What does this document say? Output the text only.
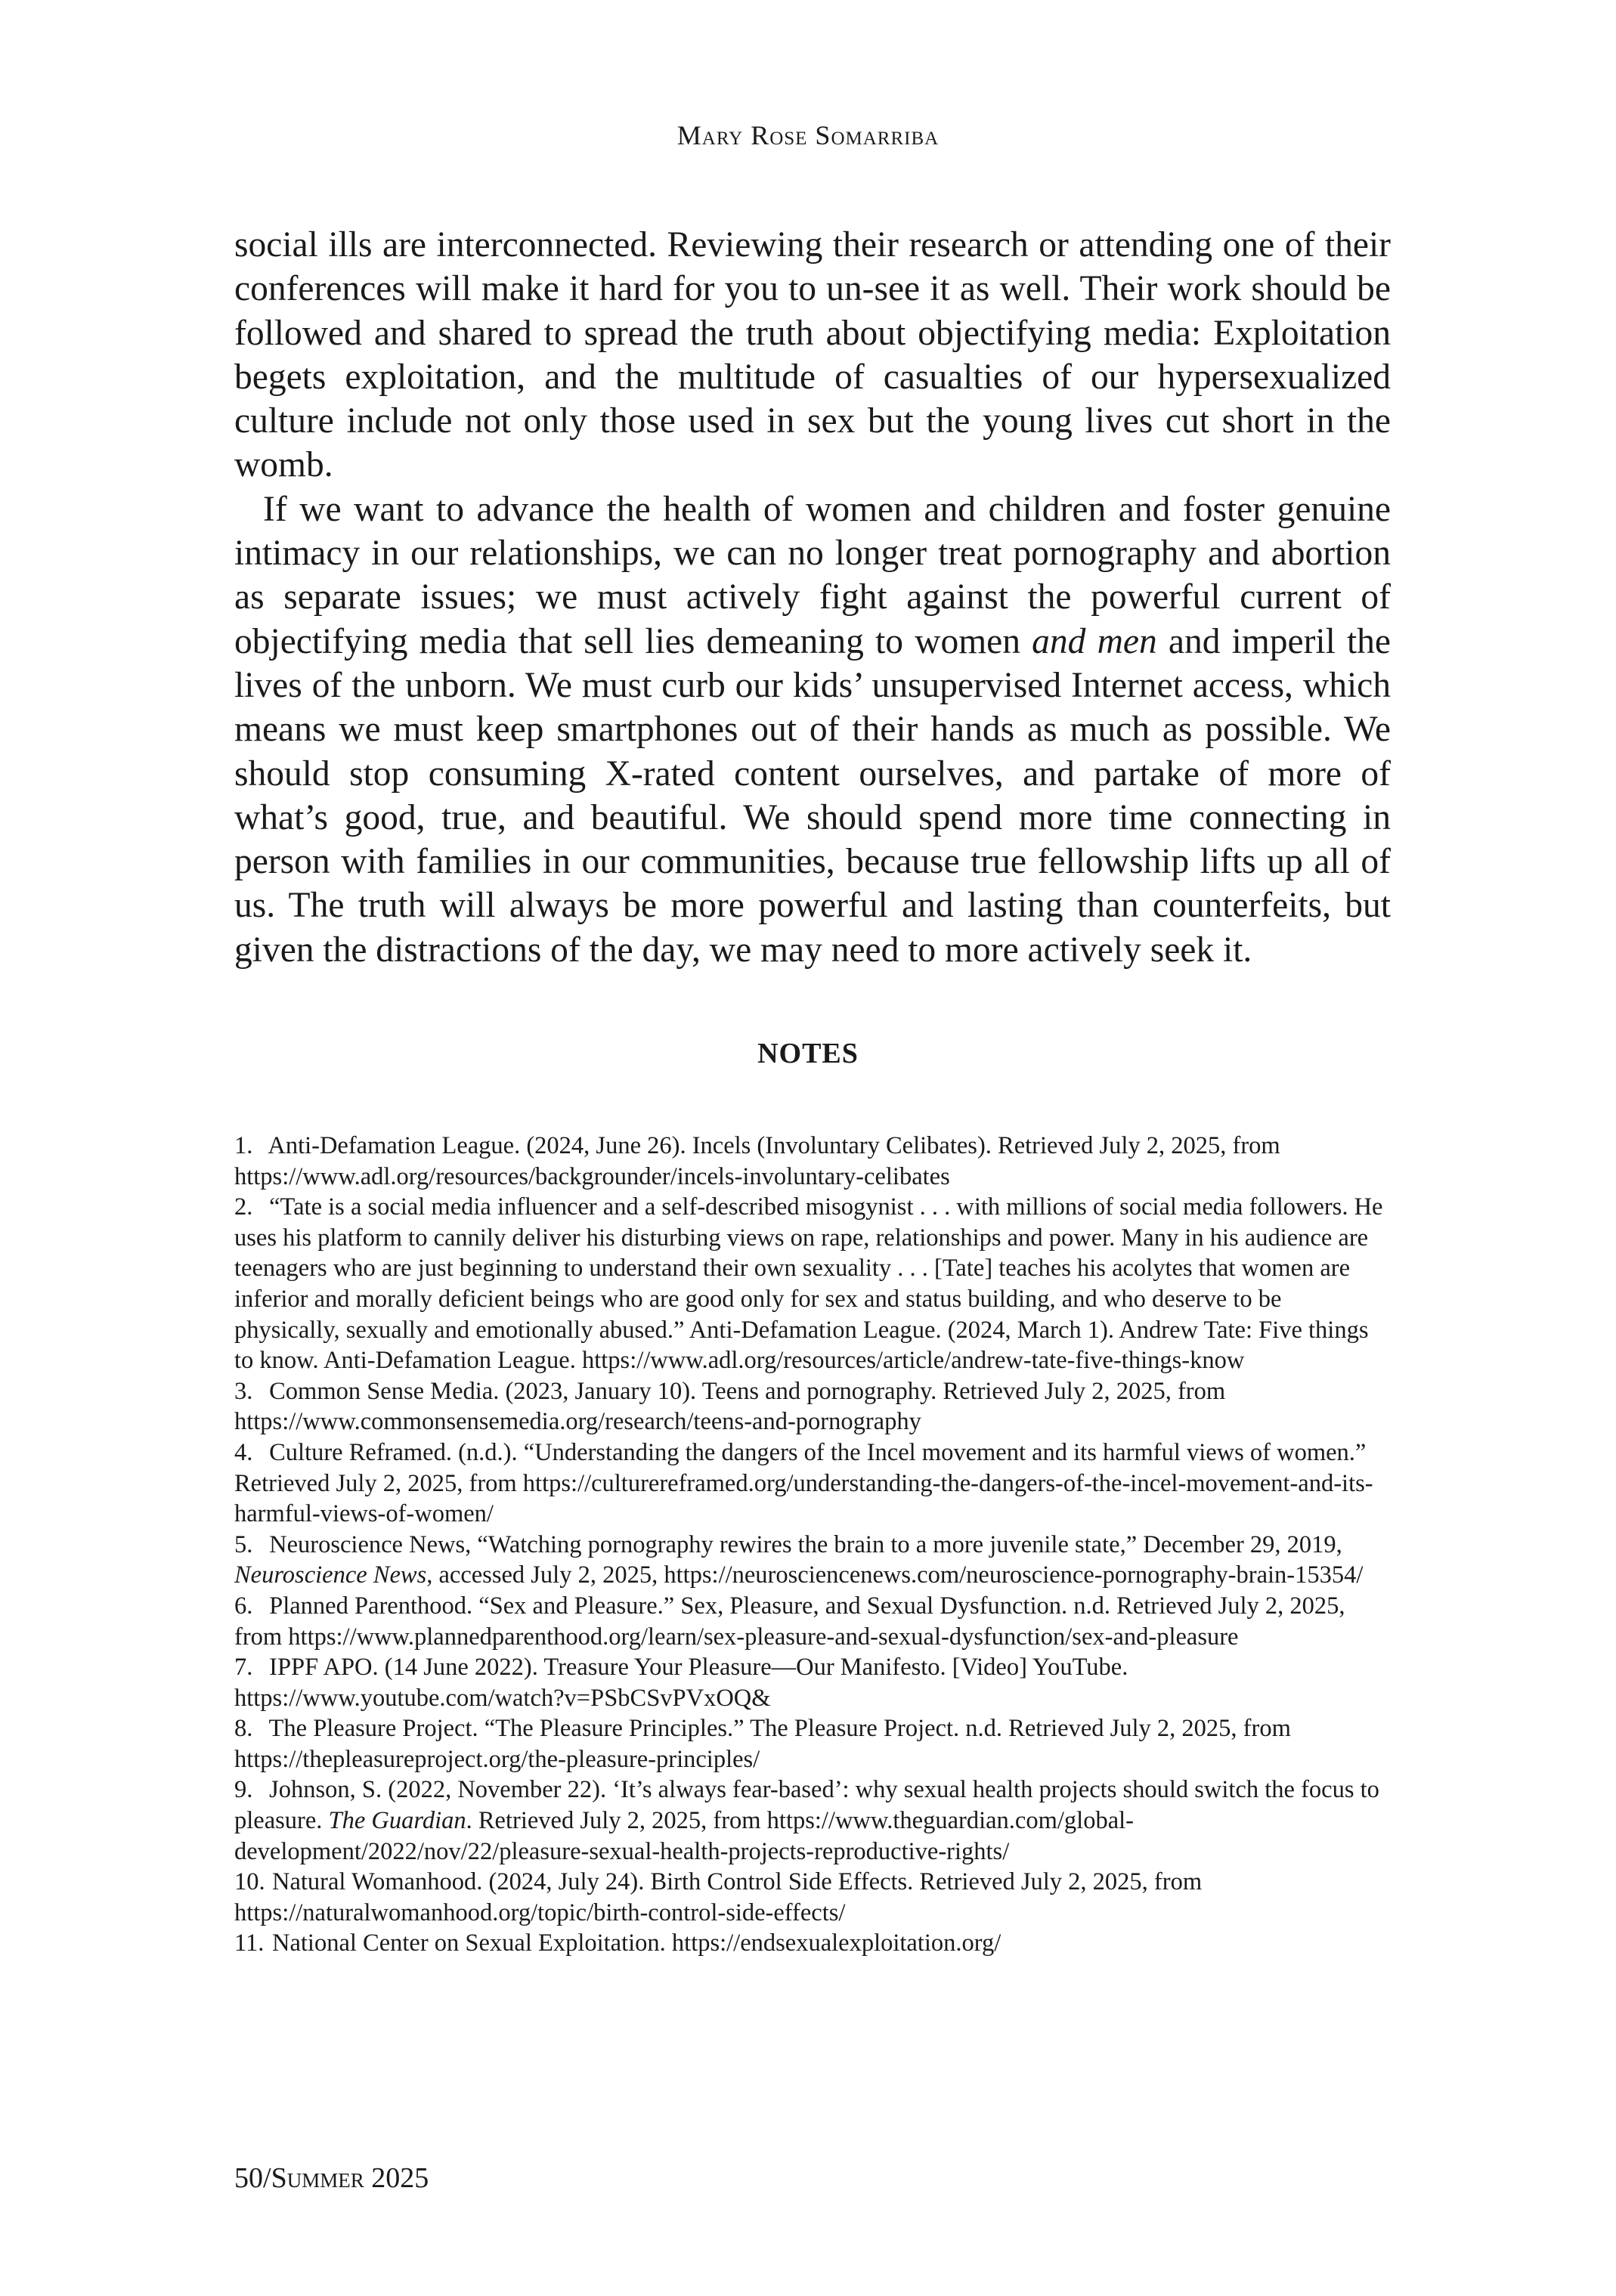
Mary Rose Somarriba

social ills are interconnected. Reviewing their research or attending one of their conferences will make it hard for you to un-see it as well. Their work should be followed and shared to spread the truth about objectifying media: Exploitation begets exploitation, and the multitude of casualties of our hypersexualized culture include not only those used in sex but the young lives cut short in the womb.

If we want to advance the health of women and children and foster genuine intimacy in our relationships, we can no longer treat pornography and abortion as separate issues; we must actively fight against the powerful current of objectifying media that sell lies demeaning to women and men and imperil the lives of the unborn. We must curb our kids’ unsupervised Internet access, which means we must keep smartphones out of their hands as much as possible. We should stop consuming X-rated content ourselves, and partake of more of what’s good, true, and beautiful. We should spend more time connecting in person with families in our communities, because true fellowship lifts up all of us. The truth will always be more powerful and lasting than counterfeits, but given the distractions of the day, we may need to more actively seek it.

NOTES
1. Anti-Defamation League. (2024, June 26). Incels (Involuntary Celibates). Retrieved July 2, 2025, from https://www.adl.org/resources/backgrounder/incels-involuntary-celibates
2. “Tate is a social media influencer and a self-described misogynist . . . with millions of social media followers. He uses his platform to cannily deliver his disturbing views on rape, relationships and power. Many in his audience are teenagers who are just beginning to understand their own sexuality . . . [Tate] teaches his acolytes that women are inferior and morally deficient beings who are good only for sex and status building, and who deserve to be physically, sexually and emotionally abused.” Anti-Defamation League. (2024, March 1). Andrew Tate: Five things to know. Anti-Defamation League. https://www.adl.org/resources/article/andrew-tate-five-things-know
3. Common Sense Media. (2023, January 10). Teens and pornography. Retrieved July 2, 2025, from https://www.commonsensemedia.org/research/teens-and-pornography
4. Culture Reframed. (n.d.). “Understanding the dangers of the Incel movement and its harmful views of women.” Retrieved July 2, 2025, from https://culturereframed.org/understanding-the-dangers-of-the-incel-movement-and-its-harmful-views-of-women/
5. Neuroscience News, “Watching pornography rewires the brain to a more juvenile state,” December 29, 2019, Neuroscience News, accessed July 2, 2025, https://neurosciencenews.com/neuroscience-pornography-brain-15354/
6. Planned Parenthood. “Sex and Pleasure.” Sex, Pleasure, and Sexual Dysfunction. n.d. Retrieved July 2, 2025, from https://www.plannedparenthood.org/learn/sex-pleasure-and-sexual-dysfunction/sex-and-pleasure
7. IPPF APO. (14 June 2022). Treasure Your Pleasure—Our Manifesto. [Video] YouTube. https://www.youtube.com/watch?v=PSbCSvPVxOQ&
8. The Pleasure Project. “The Pleasure Principles.” The Pleasure Project. n.d. Retrieved July 2, 2025, from https://thepleasureproject.org/the-pleasure-principles/
9. Johnson, S. (2022, November 22). ‘It’s always fear-based’: why sexual health projects should switch the focus to pleasure. The Guardian. Retrieved July 2, 2025, from https://www.theguardian.com/global-development/2022/nov/22/pleasure-sexual-health-projects-reproductive-rights/
10. Natural Womanhood. (2024, July 24). Birth Control Side Effects. Retrieved July 2, 2025, from https://naturalwomanhood.org/topic/birth-control-side-effects/
11. National Center on Sexual Exploitation. https://endsexualexploitation.org/
50/Summer 2025
